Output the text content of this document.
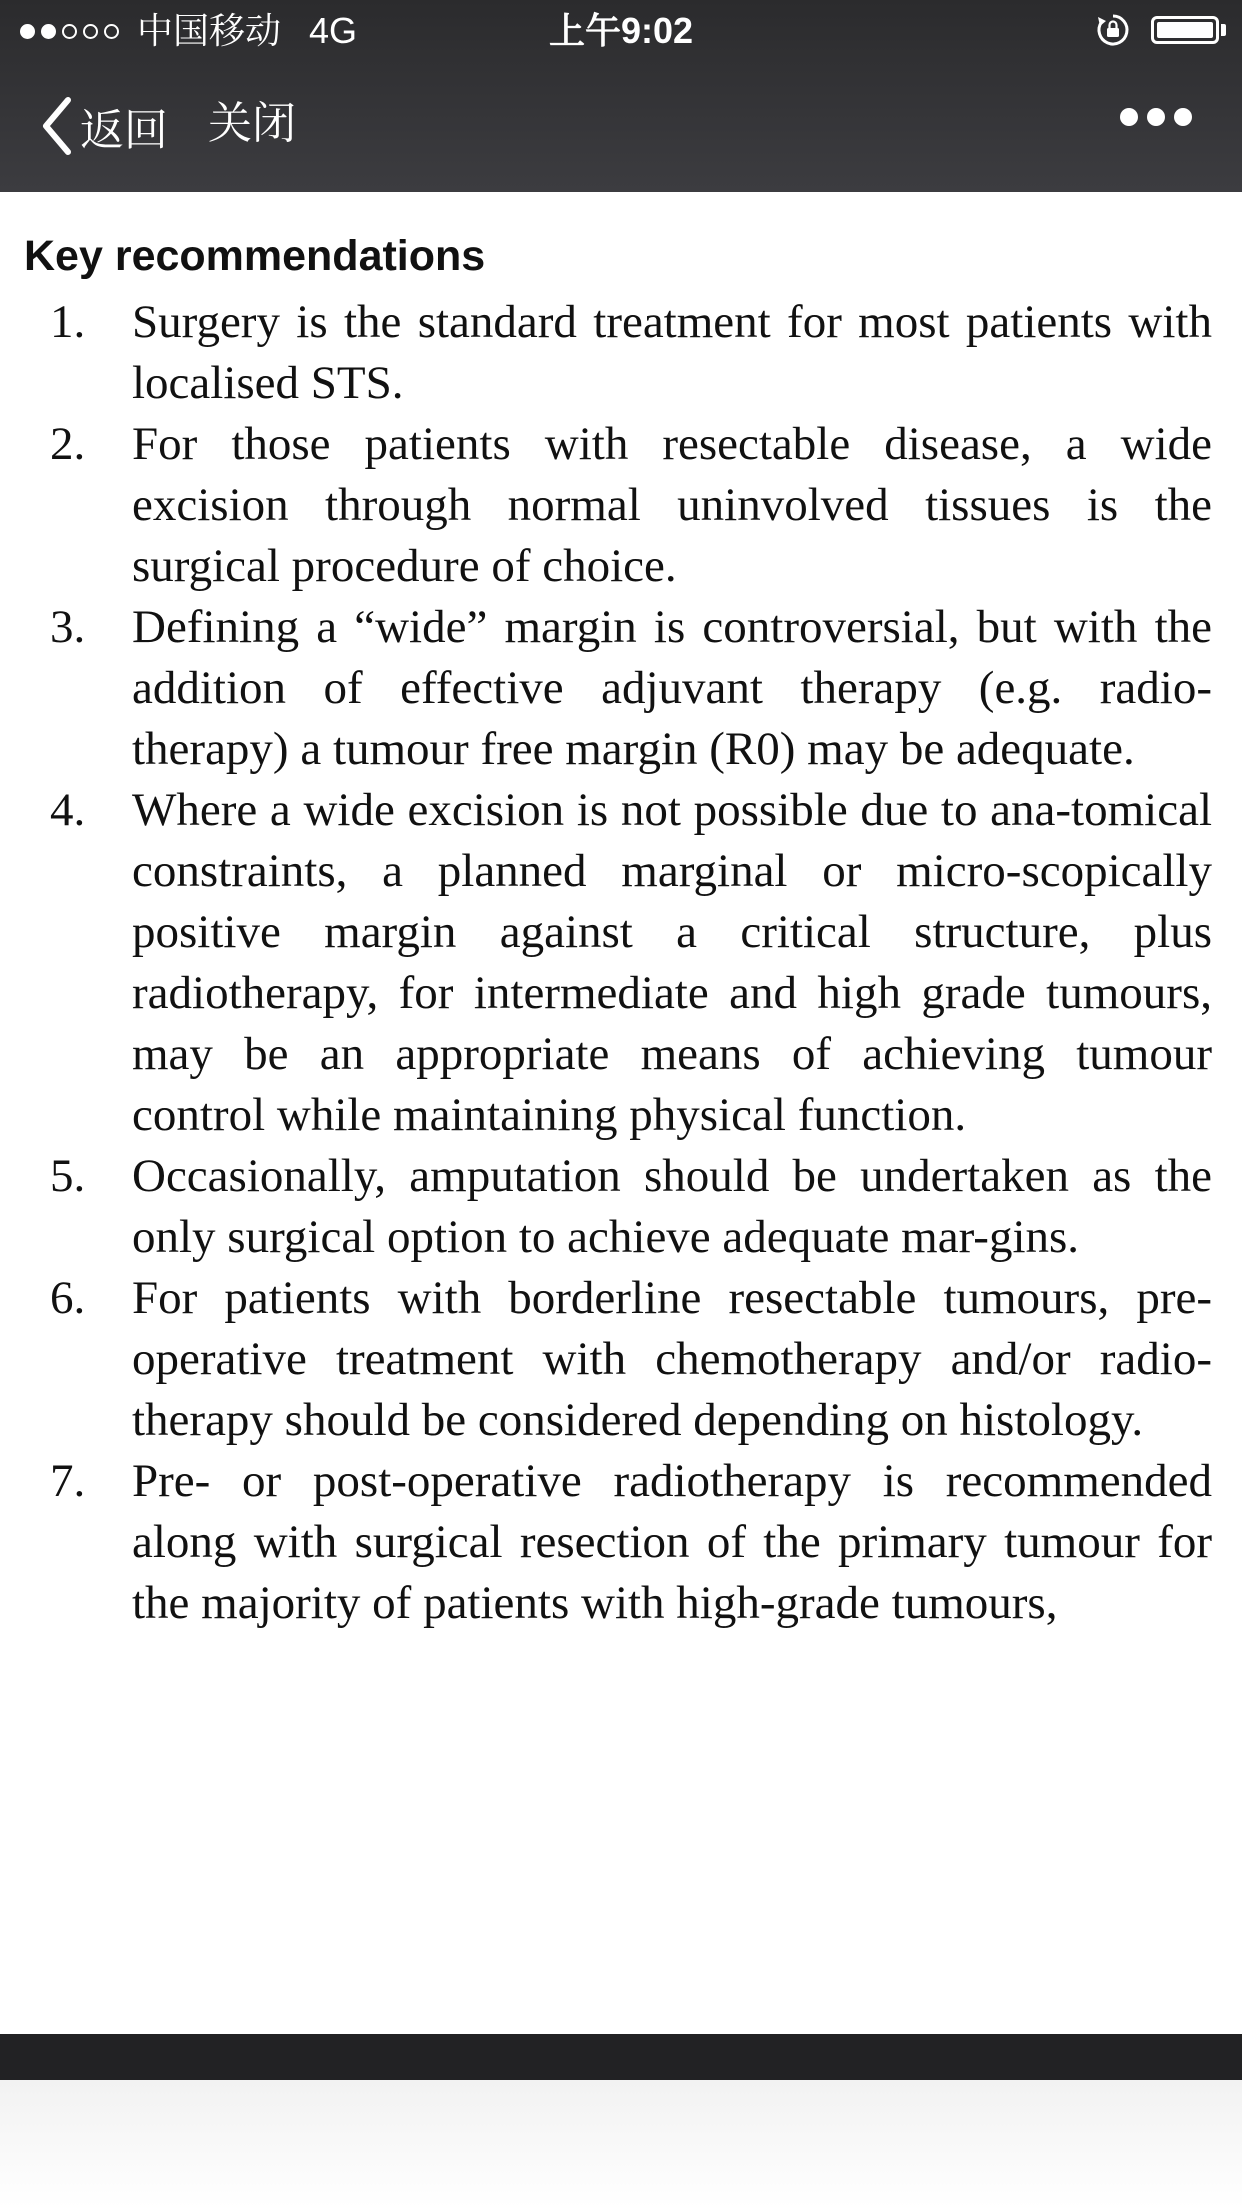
中国移动 4G	上午9:02
返回 关闭
Key recommendations
1. Surgery is the standard treatment for most patients with localised STS.
2. For those patients with resectable disease, a wide excision through normal uninvolved tissues is the surgical procedure of choice.
3. Defining a “wide” margin is controversial, but with the addition of effective adjuvant therapy (e.g. radio-therapy) a tumour free margin (R0) may be adequate.
4. Where a wide excision is not possible due to ana-tomical constraints, a planned marginal or micro-scopically positive margin against a critical structure, plus radiotherapy, for intermediate and high grade tumours, may be an appropriate means of achieving tumour control while maintaining physical function.
5. Occasionally, amputation should be undertaken as the only surgical option to achieve adequate mar-gins.
6. For patients with borderline resectable tumours, pre-operative treatment with chemotherapy and/or radio-therapy should be considered depending on histology.
7. Pre- or post-operative radiotherapy is recommended along with surgical resection of the primary tumour for the majority of patients with high-grade tumours,
